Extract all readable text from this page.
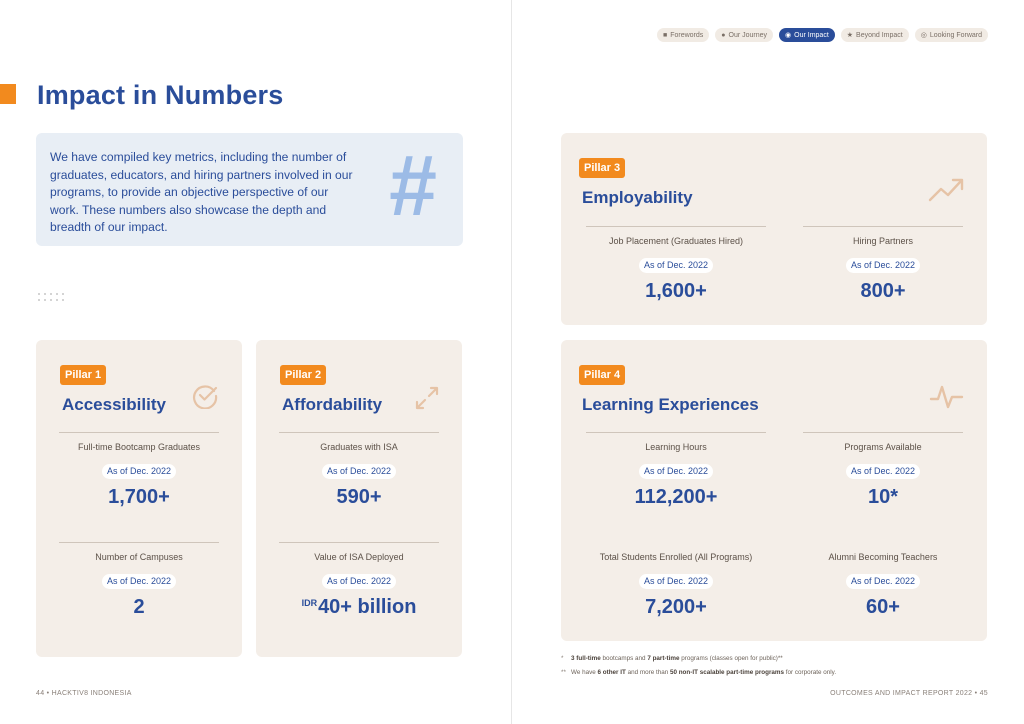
■ Forewords	● Our Journey	◉ Our Impact	★ Beyond Impact	◎ Looking Forward
Impact in Numbers

We have compiled key metrics, including the number of graduates, educators, and hiring partners involved in our programs, to provide an objective perspective of our work. These numbers also showcase the depth and breadth of our impact.	#
Pillar 1
Accessibility
Full-time Bootcamp Graduates
As of Dec. 2022
1,700+
Number of Campuses
As of Dec. 2022
2
Pillar 2
Affordability
Graduates with ISA
As of Dec. 2022
590+
Value of ISA Deployed
As of Dec. 2022
$^{IDR}$40+ billion
Pillar 3
Employability
Job Placement (Graduates Hired)
As of Dec. 2022
1,600+
Hiring Partners
As of Dec. 2022
800+
Pillar 4
Learning Experiences
Learning Hours
As of Dec. 2022
112,200+
Programs Available
As of Dec. 2022
10*
Total Students Enrolled (All Programs)
As of Dec. 2022
7,200+
Alumni Becoming Teachers
As of Dec. 2022
60+
* 3 full-time bootcamps and 7 part-time programs (classes open for public)**
** We have 6 other IT and more than 50 non-IT scalable part-time programs for corporate only.
44 • HACKTIV8 INDONESIA	OUTCOMES AND IMPACT REPORT 2022 • 45
